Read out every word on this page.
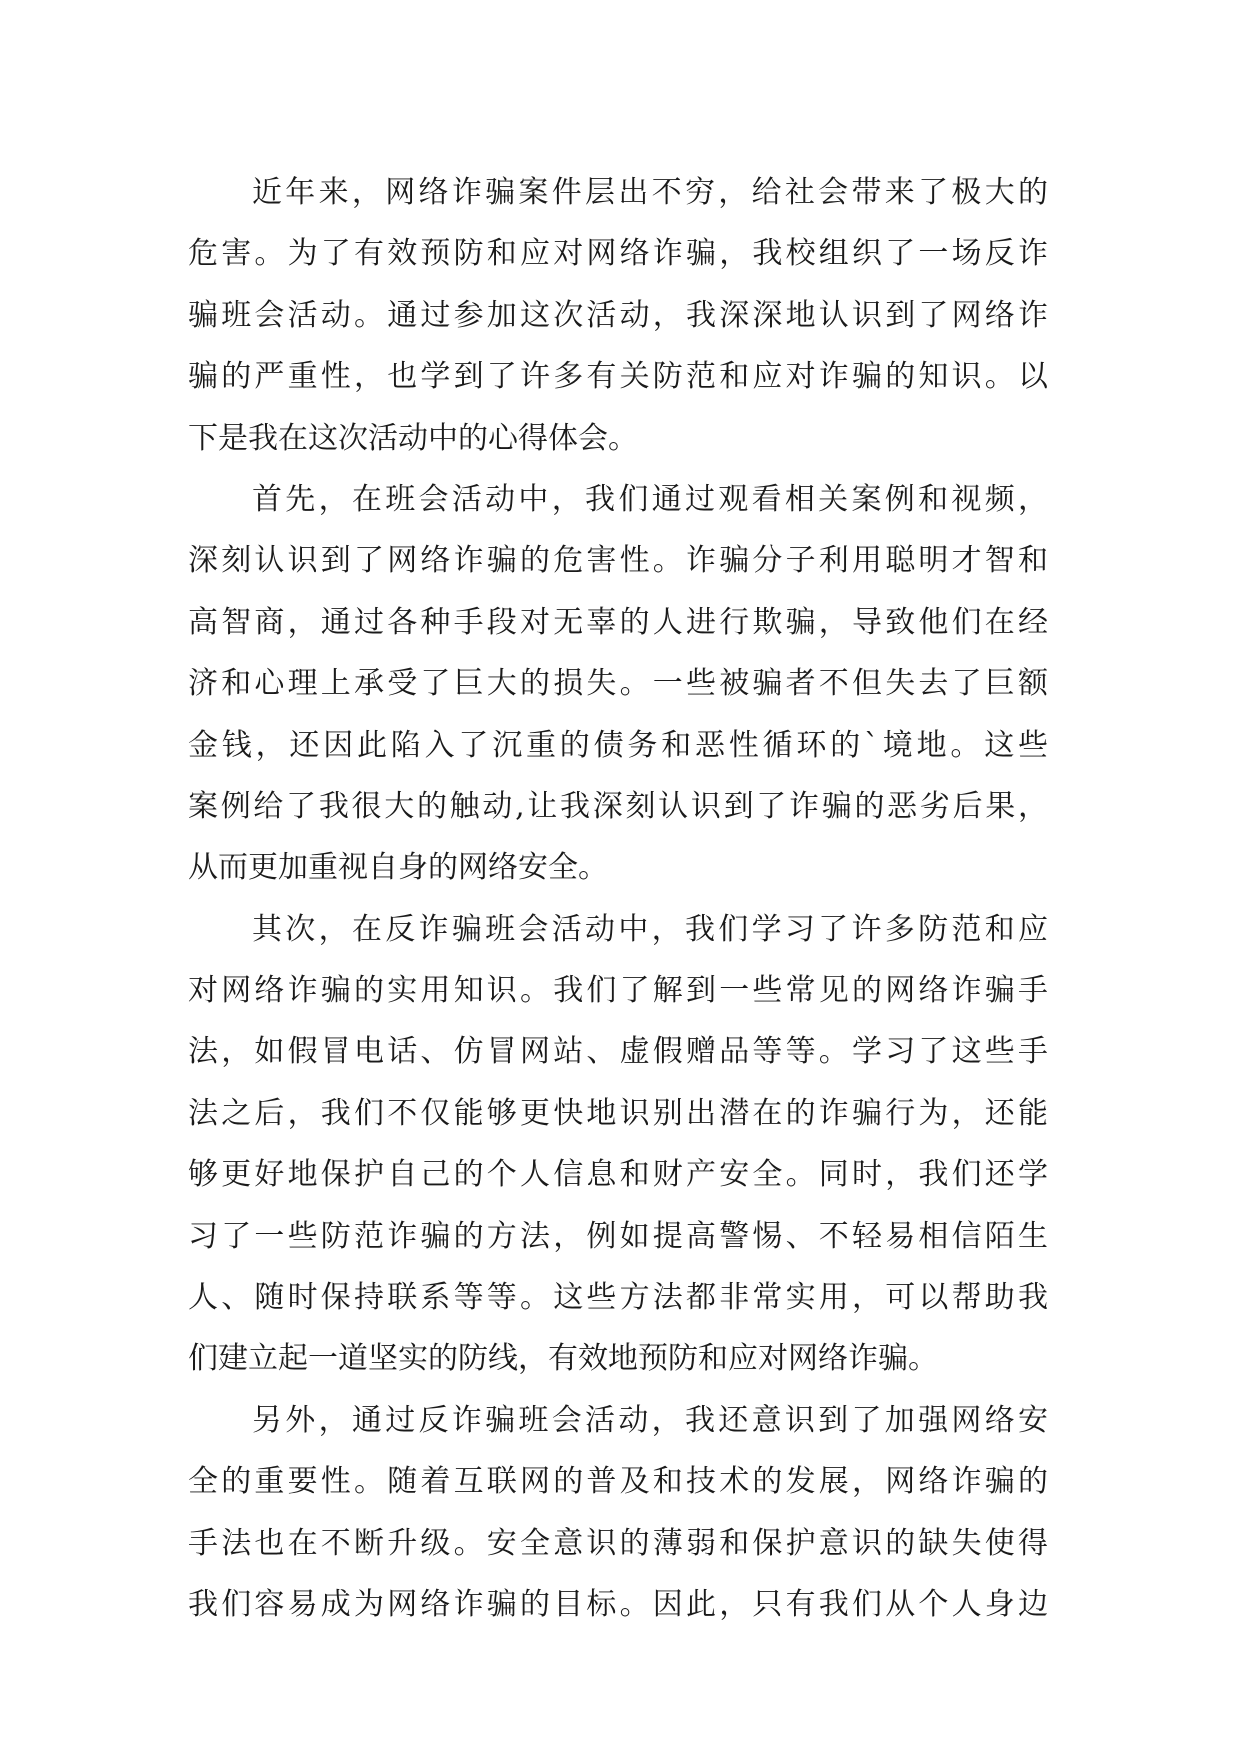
近年来，网络诈骗案件层出不穷，给社会带来了极大的
危害。为了有效预防和应对网络诈骗，我校组织了一场反诈
骗班会活动。通过参加这次活动，我深深地认识到了网络诈
骗的严重性，也学到了许多有关防范和应对诈骗的知识。以
下是我在这次活动中的心得体会。
首先，在班会活动中，我们通过观看相关案例和视频，
深刻认识到了网络诈骗的危害性。诈骗分子利用聪明才智和
高智商，通过各种手段对无辜的人进行欺骗，导致他们在经
济和心理上承受了巨大的损失。一些被骗者不但失去了巨额
金钱，还因此陷入了沉重的债务和恶性循环的`境地。这些
案例给了我很大的触动,让我深刻认识到了诈骗的恶劣后果，
从而更加重视自身的网络安全。
其次，在反诈骗班会活动中，我们学习了许多防范和应
对网络诈骗的实用知识。我们了解到一些常见的网络诈骗手
法，如假冒电话、仿冒网站、虚假赠品等等。学习了这些手
法之后，我们不仅能够更快地识别出潜在的诈骗行为，还能
够更好地保护自己的个人信息和财产安全。同时，我们还学
习了一些防范诈骗的方法，例如提高警惕、不轻易相信陌生
人、随时保持联系等等。这些方法都非常实用，可以帮助我
们建立起一道坚实的防线，有效地预防和应对网络诈骗。
另外，通过反诈骗班会活动，我还意识到了加强网络安
全的重要性。随着互联网的普及和技术的发展，网络诈骗的
手法也在不断升级。安全意识的薄弱和保护意识的缺失使得
我们容易成为网络诈骗的目标。因此，只有我们从个人身边
